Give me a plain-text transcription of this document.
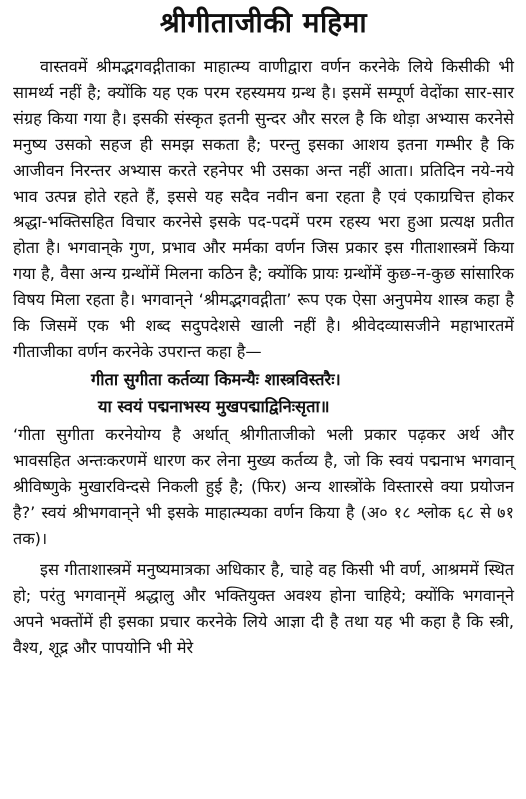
श्रीगीताजीकी महिमा

वास्तवमें श्रीमद्भगवद्गीताका माहात्म्य वाणीद्वारा वर्णन करनेके लिये किसीकी भी सामर्थ्य नहीं है; क्योंकि यह एक परम रहस्यमय ग्रन्थ है। इसमें सम्पूर्ण वेदोंका सार-सार संग्रह किया गया है। इसकी संस्कृत इतनी सुन्दर और सरल है कि थोड़ा अभ्यास करनेसे मनुष्य उसको सहज ही समझ सकता है; परन्तु इसका आशय इतना गम्भीर है कि आजीवन निरन्तर अभ्यास करते रहनेपर भी उसका अन्त नहीं आता। प्रतिदिन नये-नये भाव उत्पन्न होते रहते हैं, इससे यह सदैव नवीन बना रहता है एवं एकाग्रचित्त होकर श्रद्धा-भक्तिसहित विचार करनेसे इसके पद-पदमें परम रहस्य भरा हुआ प्रत्यक्ष प्रतीत होता है। भगवान्‌के गुण, प्रभाव और मर्मका वर्णन जिस प्रकार इस गीताशास्त्रमें किया गया है, वैसा अन्य ग्रन्थोंमें मिलना कठिन है; क्योंकि प्रायः ग्रन्थोंमें कुछ-न-कुछ सांसारिक विषय मिला रहता है। भगवान्‌ने ‘श्रीमद्भगवद्गीता’ रूप एक ऐसा अनुपमेय शास्त्र कहा है कि जिसमें एक भी शब्द सदुपदेशसे खाली नहीं है। श्रीवेदव्यासजीने महाभारतमें गीताजीका वर्णन करनेके उपरान्त कहा है—

गीता सुगीता कर्तव्या किमन्यैः शास्त्रविस्तरैः।
या स्वयं पद्मनाभस्य मुखपद्माद्विनिःसृता॥

‘गीता सुगीता करनेयोग्य है अर्थात् श्रीगीताजीको भली प्रकार पढ़कर अर्थ और भावसहित अन्तःकरणमें धारण कर लेना मुख्य कर्तव्य है, जो कि स्वयं पद्मनाभ भगवान् श्रीविष्णुके मुखारविन्दसे निकली हुई है; (फिर) अन्य शास्त्रोंके विस्तारसे क्या प्रयोजन है?’ स्वयं श्रीभगवान्‌ने भी इसके माहात्म्यका वर्णन किया है (अ० १८ श्लोक ६८ से ७१ तक)।

इस गीताशास्त्रमें मनुष्यमात्रका अधिकार है, चाहे वह किसी भी वर्ण, आश्रममें स्थित हो; परंतु भगवान्‌में श्रद्धालु और भक्तियुक्त अवश्य होना चाहिये; क्योंकि भगवान्‌ने अपने भक्तोंमें ही इसका प्रचार करनेके लिये आज्ञा दी है तथा यह भी कहा है कि स्त्री, वैश्य, शूद्र और पापयोनि भी मेरे
